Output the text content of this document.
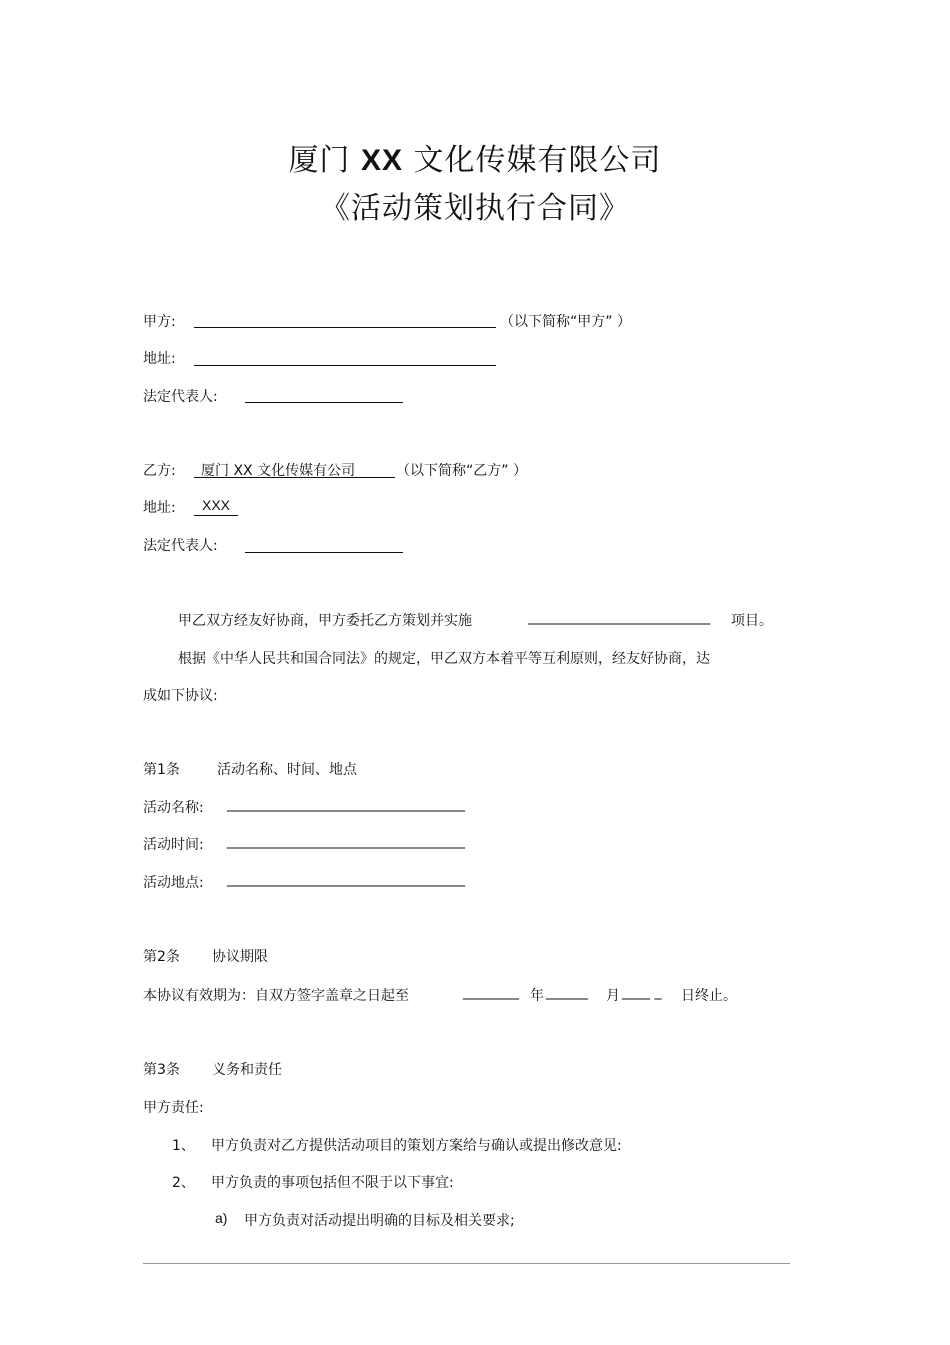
厦门 XX 文化传媒有限公司
《活动策划执行合同》
甲方:	（以下简称“甲方” ）
地址:
法定代表人:
乙方: 厦门 XX 文化传媒有公司	（以下简称“乙方” ）
地址: XXX
法定代表人:
甲乙双方经友好协商，甲方委托乙方策划并实施	__________________________ 项目。
根据《中华人民共和国合同法》的规定，甲乙双方本着平等互利原则，经友好协商，达
成如下协议:
第1条	活动名称、时间、地点
活动名称: __________________________________
活动时间: __________________________________
活动地点: __________________________________
第2条 协议期限
本协议有效期为：自双方签字盖章之日起至	________ 年 ______ 月 ____ _ 日终止。
第3条 义务和责任
甲方责任:
1、 甲方负责对乙方提供活动项目的策划方案给与确认或提出修改意见:
2、 甲方负责的事项包括但不限于以下事宜:
a) 甲方负责对活动提出明确的目标及相关要求;
